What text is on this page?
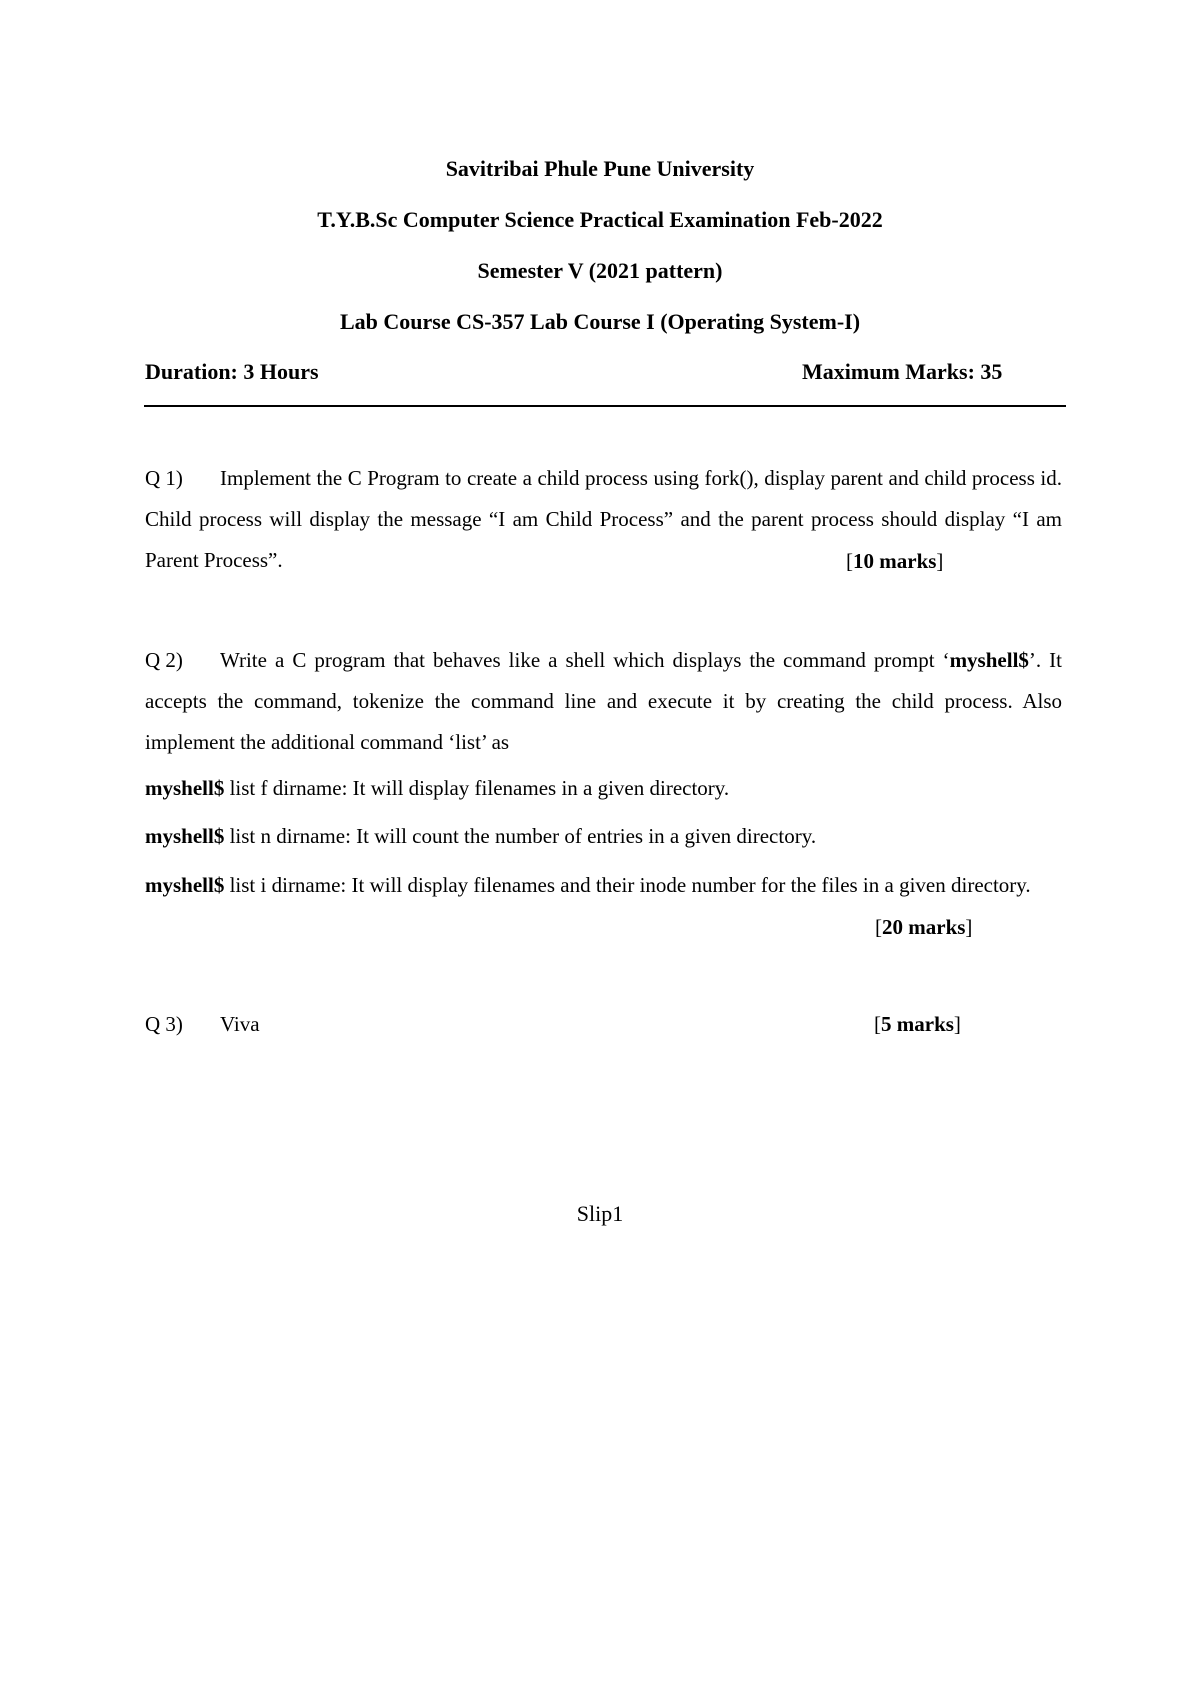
Savitribai Phule Pune University
T.Y.B.Sc Computer Science Practical Examination Feb-2022
Semester V (2021 pattern)
Lab Course CS-357 Lab Course I (Operating System-I)
Duration: 3 Hours	Maximum Marks: 35
Q 1) Implement the C Program to create a child process using fork(), display parent and child process id. Child process will display the message “I am Child Process” and the parent process should display “I am Parent Process”.	[10 marks]
Q 2) Write a C program that behaves like a shell which displays the command prompt ‘myshell$’. It accepts the command, tokenize the command line and execute it by creating the child process. Also implement the additional command ‘list’ as
myshell$ list f dirname: It will display filenames in a given directory.
myshell$ list n dirname: It will count the number of entries in a given directory.
myshell$ list i dirname: It will display filenames and their inode number for the files in a given directory.
[20 marks]
Q 3) Viva	[5 marks]
Slip1
